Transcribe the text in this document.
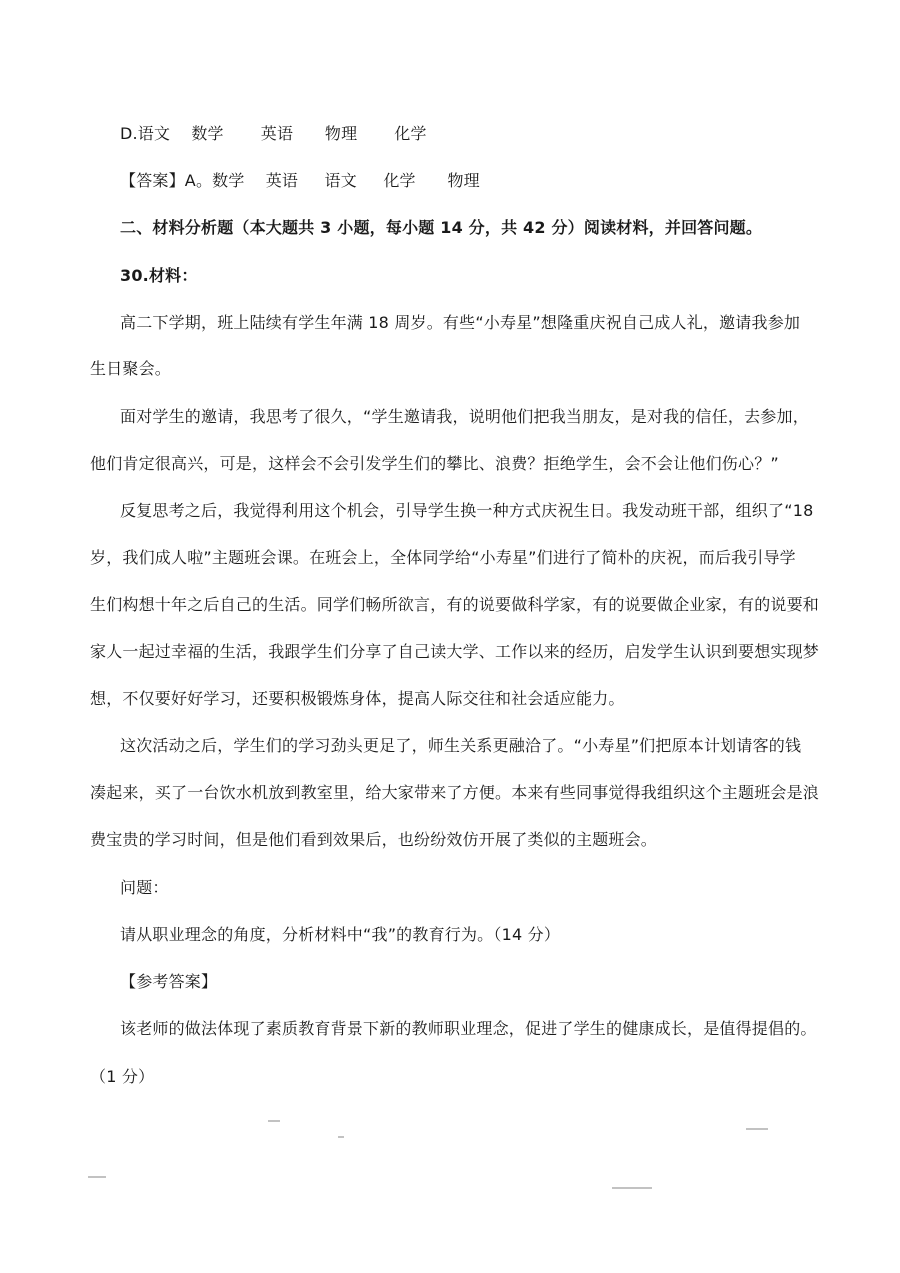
D.语文    数学       英语      物理       化学
【答案】A。数学    英语     语文     化学      物理
二、材料分析题（本大题共 3 小题，每小题 14 分，共 42 分）阅读材料，并回答问题。
30.材料：
高二下学期，班上陆续有学生年满 18 周岁。有些“小寿星”想隆重庆祝自己成人礼，邀请我参加
生日聚会。
面对学生的邀请，我思考了很久，“学生邀请我，说明他们把我当朋友，是对我的信任，去参加，
他们肯定很高兴，可是，这样会不会引发学生们的攀比、浪费？拒绝学生，会不会让他们伤心？”
反复思考之后，我觉得利用这个机会，引导学生换一种方式庆祝生日。我发动班干部，组织了“18
岁，我们成人啦”主题班会课。在班会上，全体同学给“小寿星”们进行了简朴的庆祝，而后我引导学
生们构想十年之后自己的生活。同学们畅所欲言，有的说要做科学家，有的说要做企业家，有的说要和
家人一起过幸福的生活，我跟学生们分享了自己读大学、工作以来的经历，启发学生认识到要想实现梦
想，不仅要好好学习，还要积极锻炼身体，提高人际交往和社会适应能力。
这次活动之后，学生们的学习劲头更足了，师生关系更融洽了。“小寿星”们把原本计划请客的钱
凑起来，买了一台饮水机放到教室里，给大家带来了方便。本来有些同事觉得我组织这个主题班会是浪
费宝贵的学习时间，但是他们看到效果后，也纷纷效仿开展了类似的主题班会。
问题：
请从职业理念的角度，分析材料中“我”的教育行为。（14 分）
【参考答案】
该老师的做法体现了素质教育背景下新的教师职业理念，促进了学生的健康成长，是值得提倡的。
（1 分）
